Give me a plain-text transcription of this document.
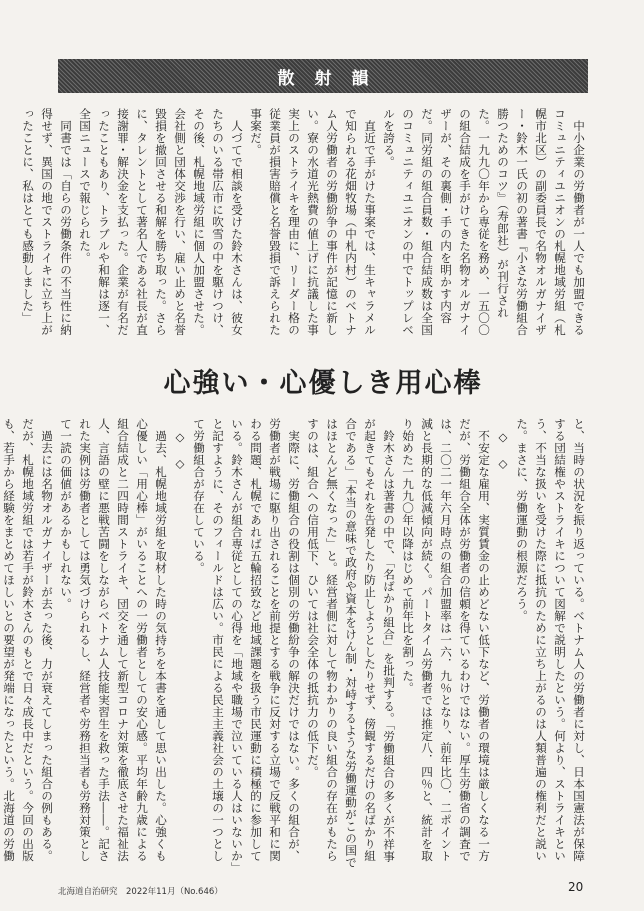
散射韻

中小企業の労働者が一人でも加盟できるコミュニティユニオンの札幌地域労組（札幌市北区）の副委員長で名物オルガナイザー・鈴木一氏の初の著書『小さな労働組合 勝つためのコツ』（寿郎社）が刊行された。一九九〇年から専従を務め、一五〇〇の組合結成を手がけてきた名物オルガナイザーが、その裏側・手の内を明かす内容だ。同労組の組合員数・組合結成数は全国のコミュニティユニオンの中でトップレベルを誇る。

直近で手がけた事案では、生キャラメルで知られる花畑牧場（中札内村）のベトナム人労働者の労働紛争の事件が記憶に新しい。寮の水道光熱費の値上げに抗議した事実上のストライキを理由に、リーダー格の従業員が損害賠償と名誉毀損で訴えられた事案だ。

人づてで相談を受けた鈴木さんは、彼女たちのいる帯広市に吹雪の中を駆けつけ、その後、札幌地域労組に個人加盟させた。会社側と団体交渉を行い、雇い止めと名誉毀損を撤回させる和解を勝ち取った。さらに、タレントとして著名人である社長が直接謝罪・解決金を支払った。企業が有名だったこともあり、トラブルや和解は逐一、全国ニュースで報じられた。

同書では「自らの労働条件の不当性に納得せず、異国の地でストライキに立ち上がったことに、私はとても感動しました」

心強い・心優しき用心棒

と、当時の状況を振り返っている。ベトナム人の労働者に対し、日本国憲法が保障する団結権やストライキについて図解で説明したという。何より、ストライキという、不当な扱いを受けた際に抵抗のために立ち上がるのは人類普遍の権利だと説いた。まさに、労働運動の根源だろう。

◇　◇

不安定な雇用、実質賃金の止めどない低下など、労働者の環境は厳しくなる一方だが、労働組合全体が労働者の信頼を得ているわけではない。厚生労働省の調査では、二〇二一年六月時点の組合加盟率は一六．九％となり、前年比〇．二ポイント減と長期的な低減傾向が続く。パートタイム労働者では推定八．四％と、統計を取り始めた一九九〇年以降はじめて前年比を割った。

鈴木さんは著書の中で、「名ばかり組合」を批判する。「労働組合の多くが不祥事が起きてもそれを告発したり防止しようとしたりせず、傍観するだけの名ばかり組合である」「本当の意味で政府や資本をけん制・対峙するような労働運動がこの国ではほとんど無くなった」と。経営者側に対して物わかりの良い組合の存在がもたらすのは、組合への信用低下、ひいては社会全体の抵抗力の低下だ。

実際に、労働組合の役割は個別の労働紛争の解決だけではない。多くの組合が、労働者が戦場に駆り出されることを前提とする戦争に反対する立場で反戦平和に関わる問題、札幌であれば五輪招致など地域課題を扱う市民運動に積極的に参加している。鈴木さんが組合専従としての心得を「地域や職場で泣いている人はいないか」と記すように、そのフィールドは広い。市民による民主主義社会の土壌の一つとして労働組合が存在している。

◇　◇

過去、札幌地域労組を取材した時の気持ちを本書を通して思い出した。心強くも心優しい「用心棒」がいることへの一労働者としての安心感。平均年齢九歳による組合結成と二四時間ストライキ、団交を通して新型コロナ対策を徹底させた福祉法人、言語の壁に悪戦苦闘をしながらベトナム人技能実習生を救った手法――。記された実例は労働者としては勇気づけられるし、経営者や労務担当者も労務対策として一読の価値があるかもしれない。

過去には名物オルガナイザーが去った後、力が衰えてしまった組合の例もある。だが、札幌地域労組では若手が鈴木さんのもとで日々成長中だという。今回の出版も、若手から経験をまとめてほしいとの要望が発端になったという。北海道の労働

北海道自治研究　2022年11月（No.646）	20
